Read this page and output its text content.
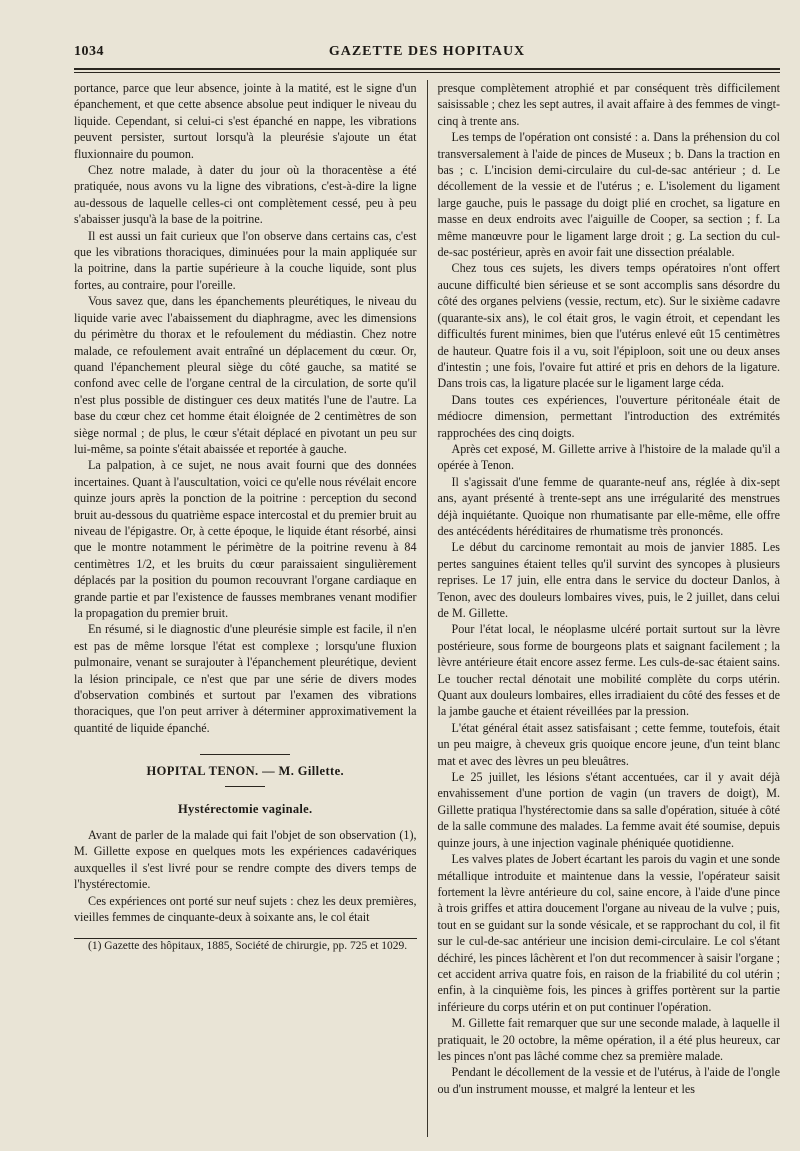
1034	GAZETTE DES HOPITAUX

portance, parce que leur absence, jointe à la matité, est le signe d'un épanchement, et que cette absence absolue peut indiquer le niveau du liquide. Cependant, si celui-ci s'est épanché en nappe, les vibrations peuvent persister, surtout lorsqu'à la pleurésie s'ajoute un état fluxionnaire du poumon.

Chez notre malade, à dater du jour où la thoracentèse a été pratiquée, nous avons vu la ligne des vibrations, c'est-à-dire la ligne au-dessous de laquelle celles-ci ont complètement cessé, peu à peu s'abaisser jusqu'à la base de la poitrine.

Il est aussi un fait curieux que l'on observe dans certains cas, c'est que les vibrations thoraciques, diminuées pour la main appliquée sur la poitrine, dans la partie supérieure à la couche liquide, sont plus fortes, au contraire, pour l'oreille.

Vous savez que, dans les épanchements pleurétiques, le niveau du liquide varie avec l'abaissement du diaphragme, avec les dimensions du périmètre du thorax et le refoulement du médiastin. Chez notre malade, ce refoulement avait entraîné un déplacement du cœur. Or, quand l'épanchement pleural siège du côté gauche, sa matité se confond avec celle de l'organe central de la circulation, de sorte qu'il n'est plus possible de distinguer ces deux matités l'une de l'autre. La base du cœur chez cet homme était éloignée de 2 centimètres de son siège normal ; de plus, le cœur s'était déplacé en pivotant un peu sur lui-même, sa pointe s'était abaissée et reportée à gauche.

La palpation, à ce sujet, ne nous avait fourni que des données incertaines. Quant à l'auscultation, voici ce qu'elle nous révélait encore quinze jours après la ponction de la poitrine : perception du second bruit au-dessous du quatrième espace intercostal et du premier bruit au niveau de l'épigastre. Or, à cette époque, le liquide étant résorbé, ainsi que le montre notamment le périmètre de la poitrine revenu à 84 centimètres 1/2, et les bruits du cœur paraissaient singulièrement déplacés par la position du poumon recouvrant l'organe cardiaque en grande partie et par l'existence de fausses membranes venant modifier la propagation du premier bruit.

En résumé, si le diagnostic d'une pleurésie simple est facile, il n'en est pas de même lorsque l'état est complexe ; lorsqu'une fluxion pulmonaire, venant se surajouter à l'épanchement pleurétique, devient la lésion principale, ce n'est que par une série de divers modes d'observation combinés et surtout par l'examen des vibrations thoraciques, que l'on peut arriver à déterminer approximativement la quantité de liquide épanché.

HOPITAL TENON. — M. Gillette.
Hystérectomie vaginale.

Avant de parler de la malade qui fait l'objet de son observation (1), M. Gillette expose en quelques mots les expériences cadavériques auxquelles il s'est livré pour se rendre compte des divers temps de l'hystérectomie.

Ces expériences ont porté sur neuf sujets : chez les deux premières, vieilles femmes de cinquante-deux à soixante ans, le col était

(1) Gazette des hôpitaux, 1885, Société de chirurgie, pp. 725 et 1029.

presque complètement atrophié et par conséquent très difficilement saisissable ; chez les sept autres, il avait affaire à des femmes de vingt-cinq à trente ans.

Les temps de l'opération ont consisté : a. Dans la préhension du col transversalement à l'aide de pinces de Museux ; b. Dans la traction en bas ; c. L'incision demi-circulaire du cul-de-sac antérieur ; d. Le décollement de la vessie et de l'utérus ; e. L'isolement du ligament large gauche, puis le passage du doigt plié en crochet, sa ligature en masse en deux endroits avec l'aiguille de Cooper, sa section ; f. La même manœuvre pour le ligament large droit ; g. La section du cul-de-sac postérieur, après en avoir fait une dissection préalable.

Chez tous ces sujets, les divers temps opératoires n'ont offert aucune difficulté bien sérieuse et se sont accomplis sans désordre du côté des organes pelviens (vessie, rectum, etc). Sur le sixième cadavre (quarante-six ans), le col était gros, le vagin étroit, et cependant les difficultés furent minimes, bien que l'utérus enlevé eût 15 centimètres de hauteur. Quatre fois il a vu, soit l'épiploon, soit une ou deux anses d'intestin ; une fois, l'ovaire fut attiré et pris en dehors de la ligature. Dans trois cas, la ligature placée sur le ligament large céda.

Dans toutes ces expériences, l'ouverture péritonéale était de médiocre dimension, permettant l'introduction des extrémités rapprochées des cinq doigts.

Après cet exposé, M. Gillette arrive à l'histoire de la malade qu'il a opérée à Tenon.

Il s'agissait d'une femme de quarante-neuf ans, réglée à dix-sept ans, ayant présenté à trente-sept ans une irrégularité des menstrues déjà inquiétante. Quoique non rhumatisante par elle-même, elle offre des antécédents héréditaires de rhumatisme très prononcés.

Le début du carcinome remontait au mois de janvier 1885. Les pertes sanguines étaient telles qu'il survint des syncopes à plusieurs reprises. Le 17 juin, elle entra dans le service du docteur Danlos, à Tenon, avec des douleurs lombaires vives, puis, le 2 juillet, dans celui de M. Gillette.

Pour l'état local, le néoplasme ulcéré portait surtout sur la lèvre postérieure, sous forme de bourgeons plats et saignant facilement ; la lèvre antérieure était encore assez ferme. Les culs-de-sac étaient sains. Le toucher rectal dénotait une mobilité complète du corps utérin. Quant aux douleurs lombaires, elles irradiaient du côté des fesses et de la jambe gauche et étaient réveillées par la pression.

L'état général était assez satisfaisant ; cette femme, toutefois, était un peu maigre, à cheveux gris quoique encore jeune, d'un teint blanc mat et avec des lèvres un peu bleuâtres.

Le 25 juillet, les lésions s'étant accentuées, car il y avait déjà envahissement d'une portion de vagin (un travers de doigt), M. Gillette pratiqua l'hystérectomie dans sa salle d'opération, située à côté de la salle commune des malades. La femme avait été soumise, depuis quinze jours, à une injection vaginale phéniquée quotidienne.

Les valves plates de Jobert écartant les parois du vagin et une sonde métallique introduite et maintenue dans la vessie, l'opérateur saisit fortement la lèvre antérieure du col, saine encore, à l'aide d'une pince à trois griffes et attira doucement l'organe au niveau de la vulve ; puis, tout en se guidant sur la sonde vésicale, et se rapprochant du col, il fit sur le cul-de-sac antérieur une incision demi-circulaire. Le col s'étant déchiré, les pinces lâchèrent et l'on dut recommencer à saisir l'organe ; cet accident arriva quatre fois, en raison de la friabilité du col utérin ; enfin, à la cinquième fois, les pinces à griffes portèrent sur la partie inférieure du corps utérin et on put continuer l'opération.

M. Gillette fait remarquer que sur une seconde malade, à laquelle il pratiquait, le 20 octobre, la même opération, il a été plus heureux, car les pinces n'ont pas lâché comme chez sa première malade.

Pendant le décollement de la vessie et de l'utérus, à l'aide de l'ongle ou d'un instrument mousse, et malgré la lenteur et les
